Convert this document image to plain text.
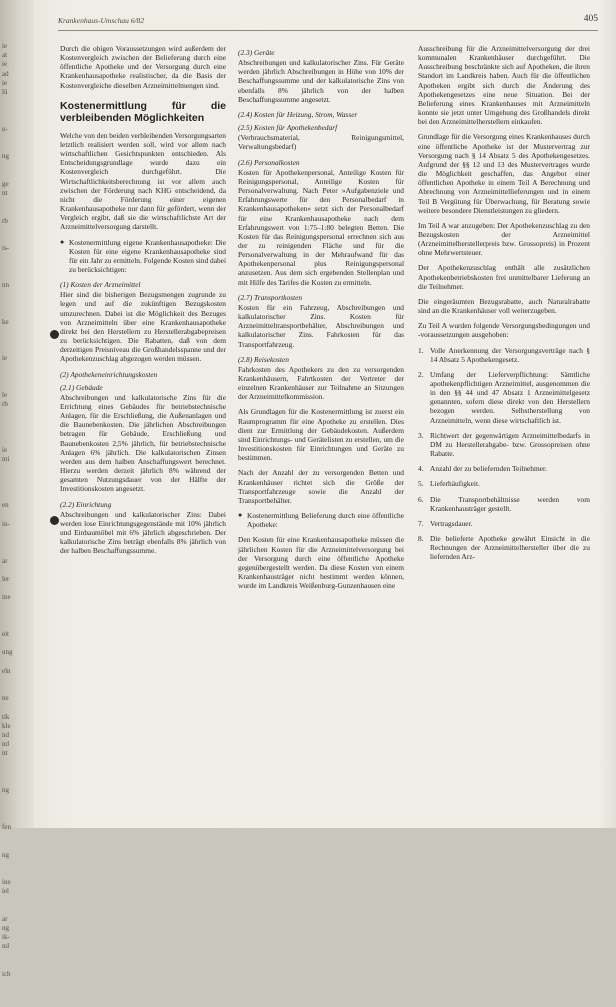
ie
at
ie
ad
ie
lü
u-
ng
ge
nt
rb
is-
nn
ke
ie
le
rb
ie
mi
en
in-
ar
ler
ine
eit
ung
eln
ne
tik
kle
nd
nd
nt
ng
fen
ng
ine
iel
ar
ng
ik-
nd
ich
Krankenhaus-Umschau 6/82	405

Durch die obigen Voraussetzungen wird außerdem der Kostenvergleich zwischen der Belieferung durch eine öffentliche Apotheke und der Versorgung durch eine Krankenhausapotheke realistischer, da die Basis der Kostenvergleiche dieselben Arzneimittelmengen sind.

Kostenermittlung für die verbleibenden Möglichkeiten

Welche von den beiden verbleibenden Versorgungsarten letztlich realisiert werden soll, wird vor allem nach wirtschaftlichen Gesichtspunkten entschieden. Als Entscheidungsgrundlage wurde dazu ein Kostenvergleich durchgeführt. Die Wirtschaftlichkeitsberechnung ist vor allem auch zwischen der Förderung nach KHG entscheidend, da nicht die Förderung einer eigenen Krankenhausapotheke nur dann für gefördert, wenn der Vergleich ergibt, daß sie die wirtschaftlichste Art der Arzneimittelversorgung darstellt.

● Kostenermittlung eigene Krankenhausapotheke: Die Kosten für eine eigene Krankenhausapotheke sind für ein Jahr zu ermitteln. Folgende Kosten sind dabei zu berücksichtigen:

(1) Kosten der Arzneimittel

Hier sind die bisherigen Bezugsmengen zugrunde zu legen und auf die zukünftigen Bezugskosten umzurechnen. Dabei ist die Möglichkeit des Bezuges von Arzneimitteln über eine Krankenhausapotheke direkt bei den Herstellern zu Herstellerabgabepreisen zu berücksichtigen. Die Rabatten, daß von dem derzeitigen Preisniveau die Großhandelsspanne und der Apothekenzuschlag abgezogen werden müssen.

(2) Apothekeneinrichtungskosten
(2.1) Gebäude

Abschreibungen und kalkulatorische Zins für die Errichtung eines Gebäudes für betriebstechnische Anlagen, für die Erschließung, die Außenanlagen und die Baunebenkosten. Die jährlichen Abschreibungen betragen für Gebäude, Erschließung und Baunebenkosten 2,5% jährlich, für betriebstechnische Anlagen 6% jährlich. Die kalkulatorischen Zinsen werden aus dem halben Anschaffungswert berechnet. Hierzu werden derzeit jährlich 8% während der gesamten Nutzungsdauer von der Hälfte der Investitionskosten angesetzt.

(2.2) Einrichtung

Abschreibungen und kalkulatorischer Zins: Dabei werden lose Einrichtungsgegenstände mit 10% jährlich und Einbaumöbel mit 6% jährlich abgeschrieben. Der kalkulatorische Zins beträgt ebenfalls 8% jährlich von der halben Beschaffungssumme.

(2.3) Geräte

Abschreibungen und kalkulatorischer Zins. Für Geräte werden jährlich Abschreibungen in Höhe von 10% der Beschaffungssumme und der kalkulatorische Zins von ebenfalls 8% jährlich von der halben Beschaffungssumme angesetzt.

(2.4) Kosten für Heizung, Strom, Wasser
(2.5) Kosten für Apothekenbedarf

(Verbrauchsmaterial, Reinigungsmittel, Verwaltungsbedarf)

(2.6) Personalkosten

Kosten für Apothekenpersonal, Anteilige Kosten für Reinigungspersonal, Anteilige Kosten für Personalverwaltung. Nach Peter »Aufgabenziele und Erfahrungswerte für den Personalbedarf in Krankenhausapotheken« setzt sich der Personalbedarf für eine Krankenhausapotheke nach dem Erfahrungswert von 1:75–1:80 belegten Betten. Die Kosten für das Reinigungspersonal errechnen sich aus der zu reinigenden Fläche und für die Personalverwaltung in der Mehraufwand für das Apothekenpersonal plus Reinigungspersonal anzusetzen. Aus dem sich ergebenden Stellenplan und mit Hilfe des Tarifes die Kosten zu ermitteln.

(2.7) Transportkosten

Kosten für ein Fahrzeug, Abschreibungen und kalkulatorischer Zins. Kosten für Arzneimitteltransportbehälter, Abschreibungen und kalkulatorischer Zins. Fahrkosten für das Transportfahrzeug.

(2.8) Reisekosten

Fahrkosten des Apothekers zu den zu versorgenden Krankenhäusern, Fahrtkosten der Vertreter der einzelnen Krankenhäuser zur Teilnahme an Sitzungen der Arzneimittelkommission.

Als Grundlagen für die Kostenermittlung ist zuerst ein Raumprogramm für eine Apotheke zu erstellen. Dies dient zur Ermittlung der Gebäudekosten. Außerdem sind Einrichtungs- und Gerätelisten zu erstellen, um die Investitionskosten für Einrichtungen und Geräte zu bestimmen.

Nach der Anzahl der zu versorgenden Betten und Krankenhäuser richtet sich die Größe der Transportfahrzeuge sowie die Anzahl der Transportbehälter.

● Kostenermittlung Belieferung durch eine öffentliche Apotheke:

Den Kosten für eine Krankenhausapotheke müssen die jährlichen Kosten für die Arzneimittelversorgung bei der Versorgung durch eine öffentliche Apotheke gegenübergestellt werden. Da diese Kosten von einem Krankenhausträger nicht bestimmt werden können, wurde im Landkreis Weißenburg-Gunzenhausen eine

Ausschreibung für die Arzneimittelversorgung der drei kommunalen Krankenhäuser durchgeführt. Die Ausschreibung beschränkte sich auf Apotheken, die ihren Standort im Landkreis haben. Auch für die öffentlichen Apotheken ergibt sich durch die Änderung des Apothekengesetzes eine neue Situation. Bei der Belieferung eines Krankenhauses mit Arzneimitteln konnte sie jetzt unter Umgehung des Großhandels direkt bei den Arzneimittelherstellern einkaufen.

Grundlage für die Versorgung eines Krankenhauses durch eine öffentliche Apotheke ist der Mustervertrag zur Versorgung nach § 14 Absatz 5 des Apothekengesetzes. Aufgrund der §§ 12 und 13 des Mustervertrages wurde die Möglichkeit geschaffen, das Angebot einer öffentlichen Apotheke in einem Teil A Berechnung und Abrechnung von Arzneimittellieferungen und in einem Teil B Vergütung für Überwachung, für Beratung sowie weitere besondere Dienstleistungen zu gliedern.

Im Teil A war anzugeben: Der Apothekenzuschlag zu den Bezugskosten der Arzneimittel (Arzneimittelherstellerpreis bzw. Grossopreis) in Prozent ohne Mehrwertsteuer.

Der Apothekenzuschlag enthält alle zusätzlichen Apothekenbetriebskosten frei unmittelbarer Lieferung an die Teilnehmer.

Die eingeräumten Bezugsrabatte, auch Naturalrabatte sind an die Krankenhäuser voll weiterzugeben.

Zu Teil A wurden folgende Versorgungsbedingungen und -voraussetzungen ausgehoben:

1. Volle Anerkennung der Versorgungsverträge nach § 14 Absatz 5 Apothekengesetz.
2. Umfang der Lieferverpflichtung: Sämtliche apothekenpflichtigen Arzneimittel, ausgenommen die in den §§ 44 und 47 Absatz 1 Arzneimittelgesetz genannten, sofern diese direkt von den Herstellern bezogen werden. Selbstherstellung von Arzneimitteln, wenn diese wirtschaftlich ist.
3. Richtwert der gegenwärtigen Arzneimittelbedarfs in DM zu Herstellerabgabe- bzw. Grossopreisen ohne Rabatte.
4. Anzahl der zu beliefernden Teilnehmer.
5. Lieferhäufigkeit.
6. Die Transportbehältnisse werden vom Krankenhausträger gestellt.
7. Vertragsdauer.
8. Die belieferte Apotheke gewährt Einsicht in die Rechnungen der Arzneimittelhersteller über die zu liefernden Arz-
